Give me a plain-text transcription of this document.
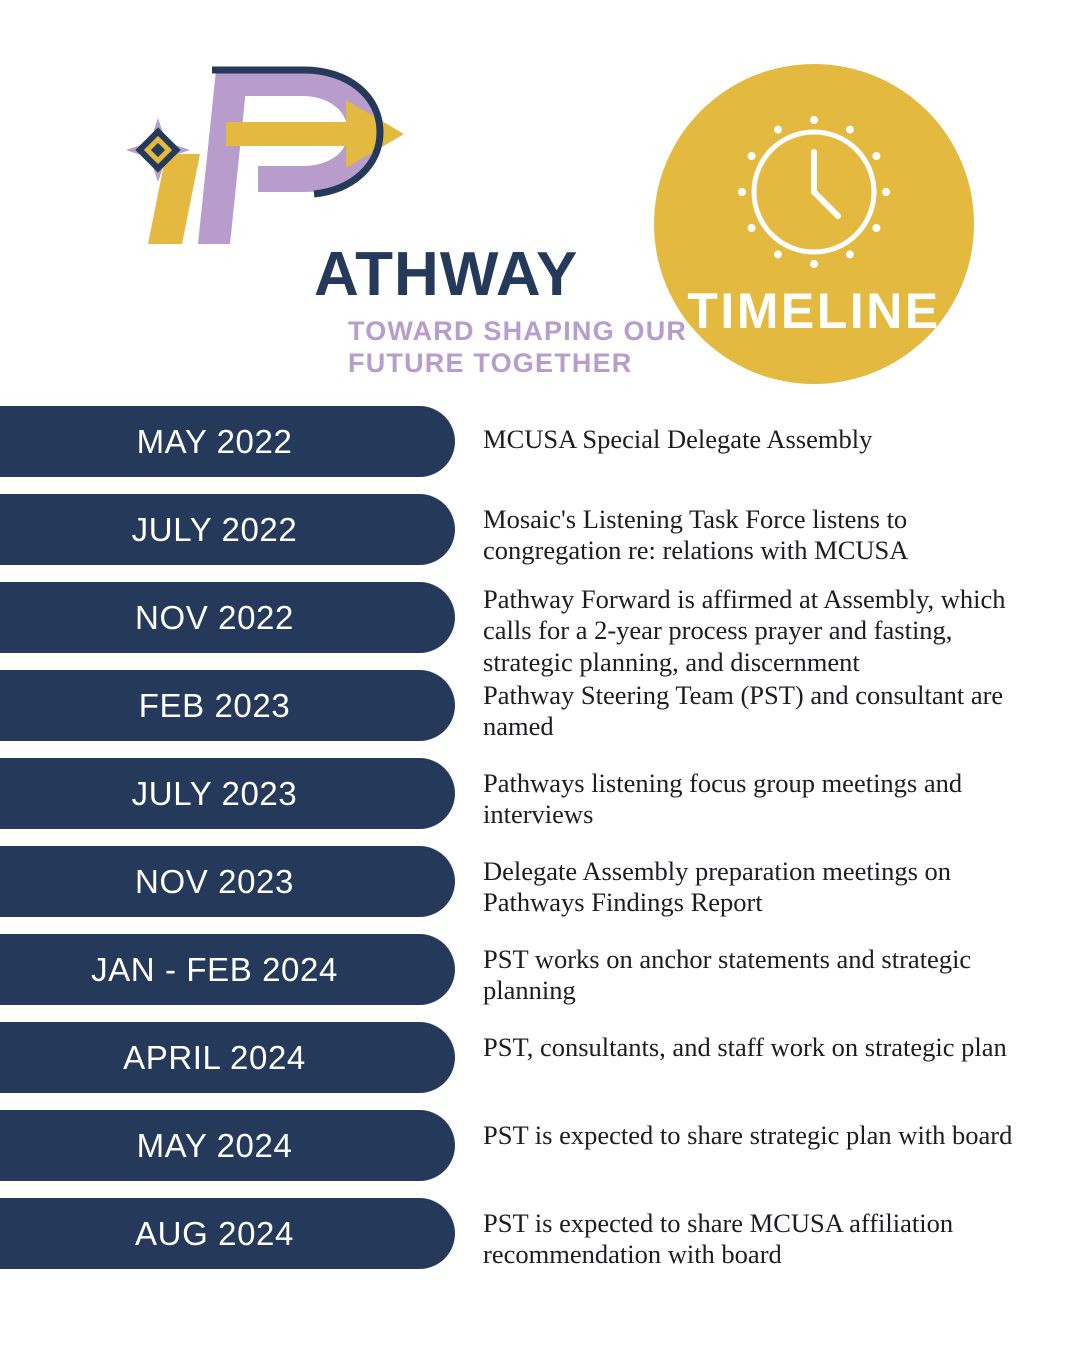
ATHWAY
TOWARD SHAPING OUR FUTURE TOGETHER
TIMELINE
MAY 2022	MCUSA Special Delegate Assembly
JULY 2022	Mosaic's Listening Task Force listens to congregation re: relations with MCUSA
NOV 2022	Pathway Forward is affirmed at Assembly, which calls for a 2-year process prayer and fasting, strategic planning, and discernment
FEB 2023	Pathway Steering Team (PST) and consultant are named
JULY 2023	Pathways listening focus group meetings and interviews
NOV 2023	Delegate Assembly preparation meetings on Pathways Findings Report
JAN - FEB 2024	PST works on anchor statements and strategic planning
APRIL 2024	PST, consultants, and staff work on strategic plan
MAY 2024	PST is expected to share strategic plan with board
AUG 2024	PST is expected to share MCUSA affiliation recommendation with board
